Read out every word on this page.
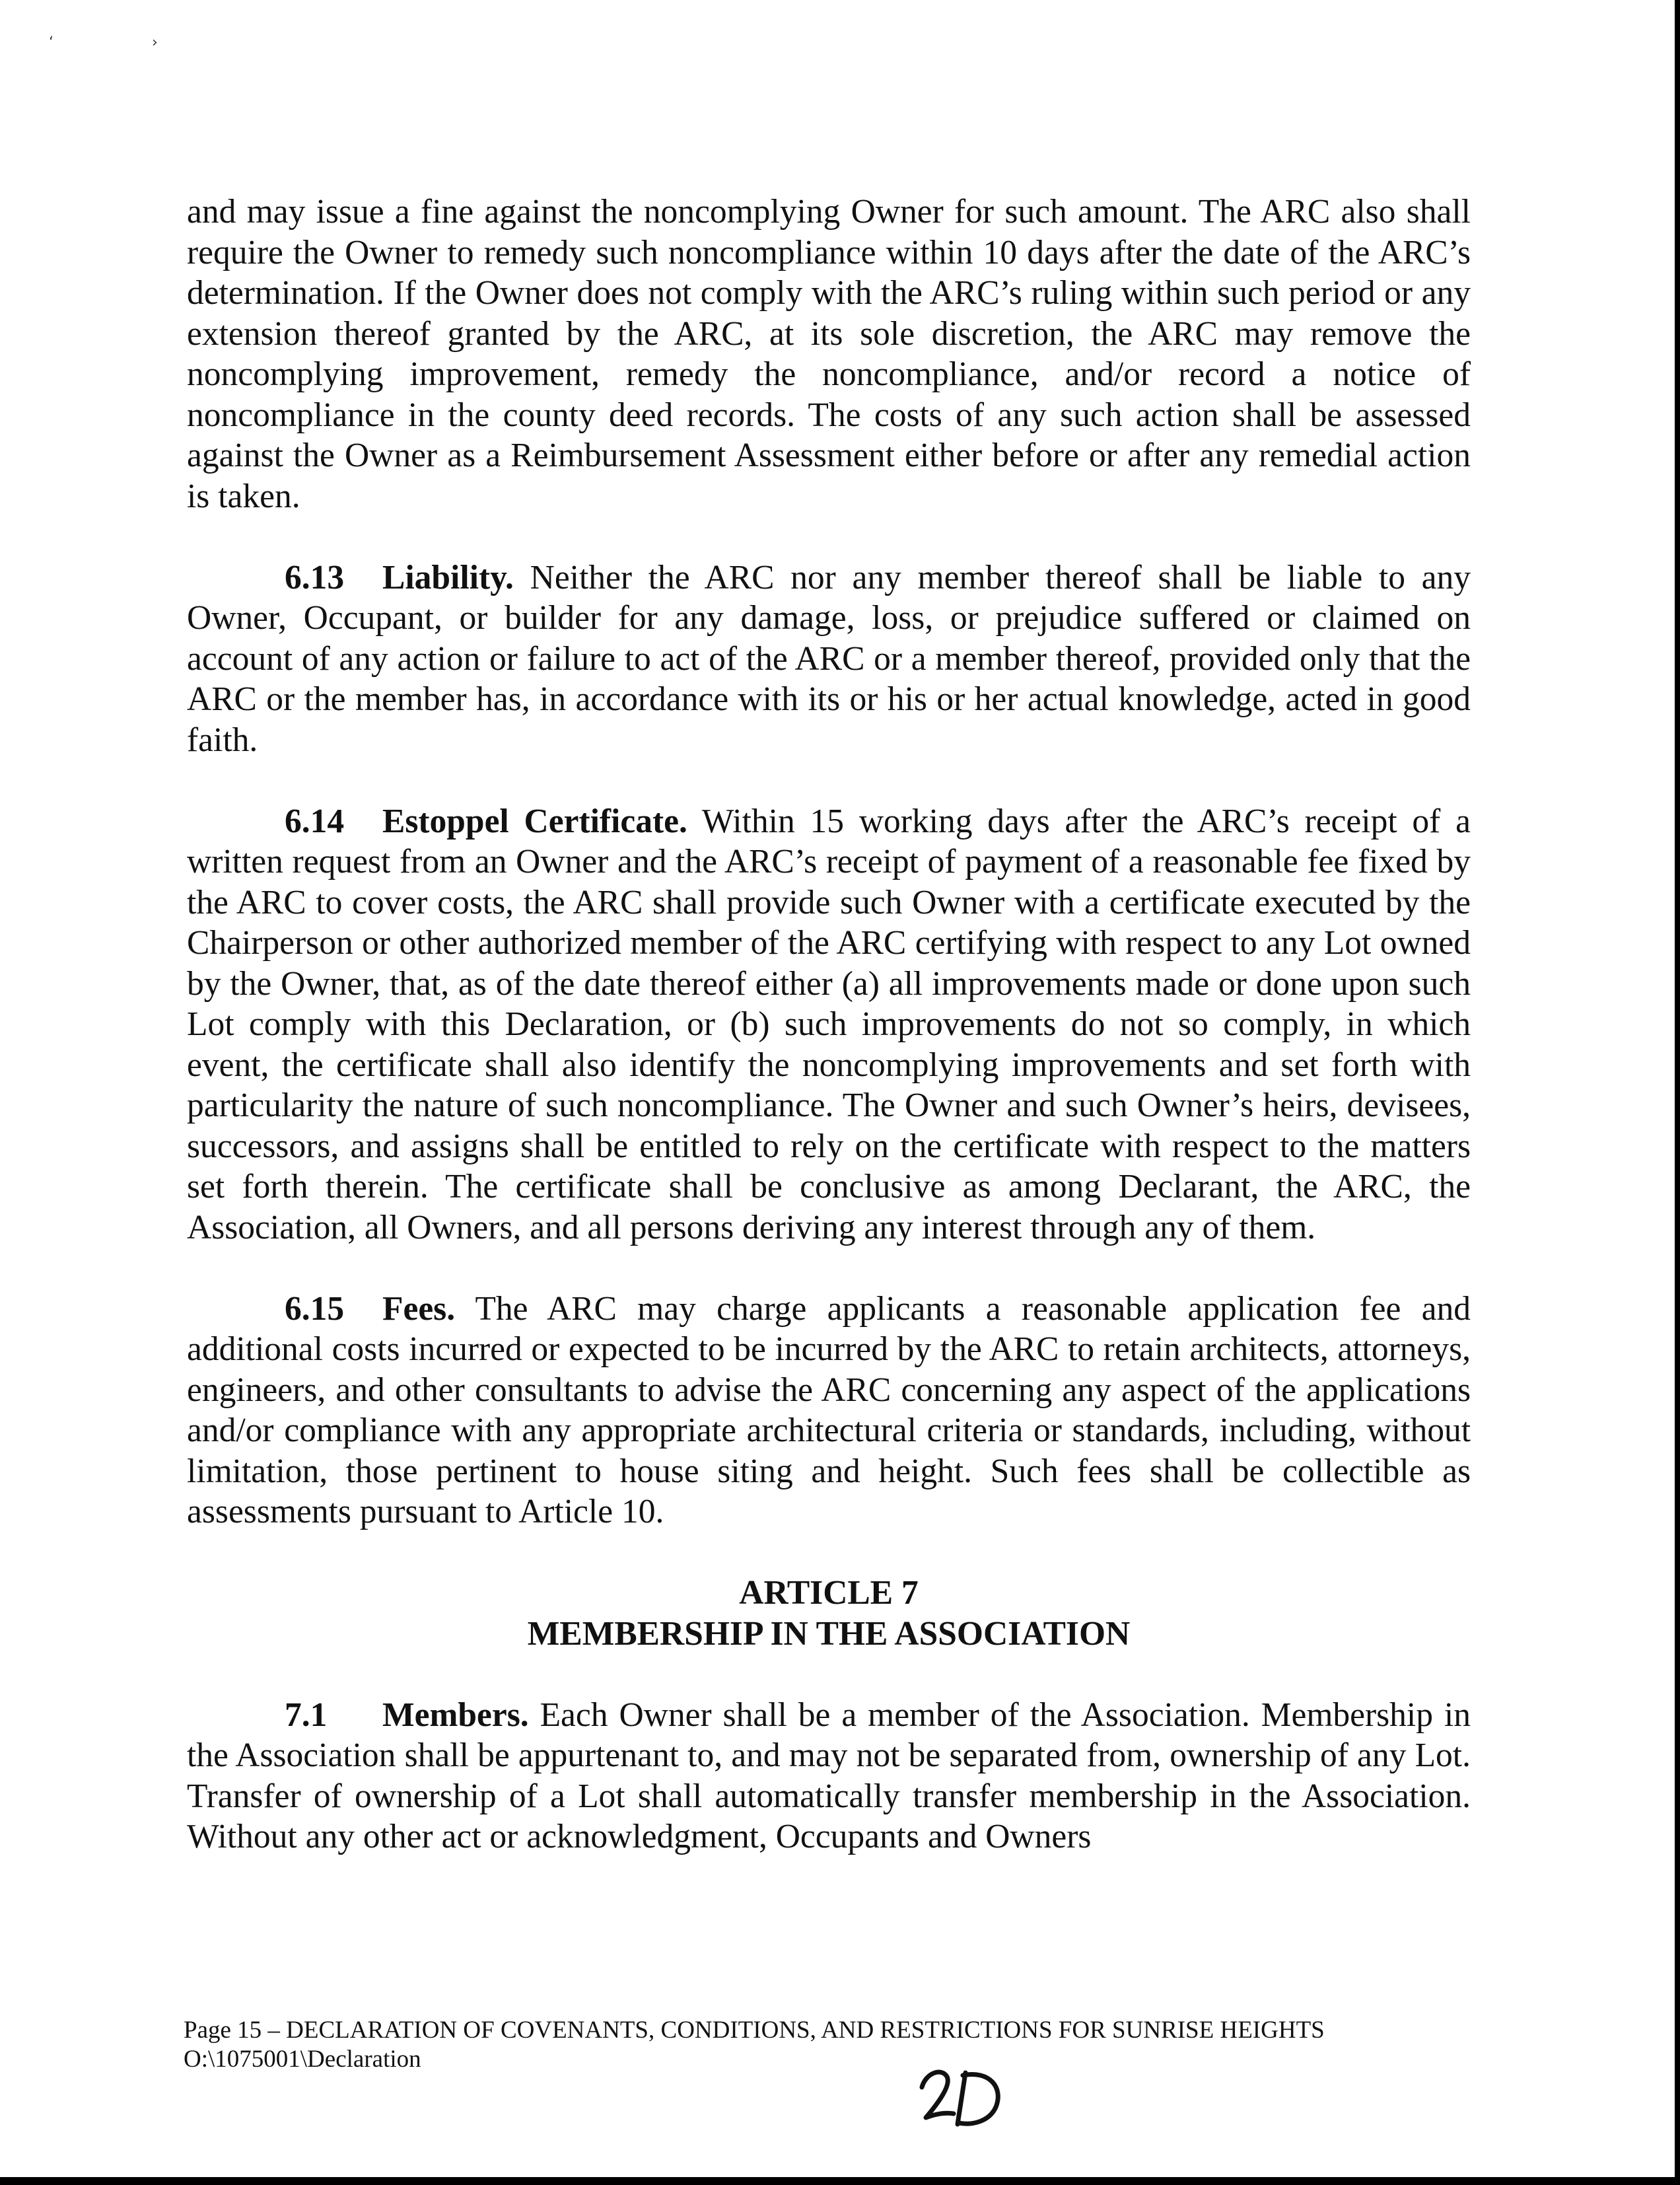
‘	›

and may issue a fine against the noncomplying Owner for such amount. The ARC also shall require the Owner to remedy such noncompliance within 10 days after the date of the ARC’s determination. If the Owner does not comply with the ARC’s ruling within such period or any extension thereof granted by the ARC, at its sole discretion, the ARC may remove the noncomplying improvement, remedy the noncompliance, and/or record a notice of noncompliance in the county deed records. The costs of any such action shall be assessed against the Owner as a Reimbursement Assessment either before or after any remedial action is taken.

6.13 Liability. Neither the ARC nor any member thereof shall be liable to any Owner, Occupant, or builder for any damage, loss, or prejudice suffered or claimed on account of any action or failure to act of the ARC or a member thereof, provided only that the ARC or the member has, in accordance with its or his or her actual knowledge, acted in good faith.

6.14 Estoppel Certificate. Within 15 working days after the ARC’s receipt of a written request from an Owner and the ARC’s receipt of payment of a reasonable fee fixed by the ARC to cover costs, the ARC shall provide such Owner with a certificate executed by the Chairperson or other authorized member of the ARC certifying with respect to any Lot owned by the Owner, that, as of the date thereof either (a) all improvements made or done upon such Lot comply with this Declaration, or (b) such improvements do not so comply, in which event, the certificate shall also identify the noncomplying improvements and set forth with particularity the nature of such noncompliance. The Owner and such Owner’s heirs, devisees, successors, and assigns shall be entitled to rely on the certificate with respect to the matters set forth therein. The certificate shall be conclusive as among Declarant, the ARC, the Association, all Owners, and all persons deriving any interest through any of them.

6.15 Fees. The ARC may charge applicants a reasonable application fee and additional costs incurred or expected to be incurred by the ARC to retain architects, attorneys, engineers, and other consultants to advise the ARC concerning any aspect of the applications and/or compliance with any appropriate architectural criteria or standards, including, without limitation, those pertinent to house siting and height. Such fees shall be collectible as assessments pursuant to Article 10.

ARTICLE 7
MEMBERSHIP IN THE ASSOCIATION

7.1 Members. Each Owner shall be a member of the Association. Membership in the Association shall be appurtenant to, and may not be separated from, ownership of any Lot. Transfer of ownership of a Lot shall automatically transfer membership in the Association. Without any other act or acknowledgment, Occupants and Owners

Page 15 – DECLARATION OF COVENANTS, CONDITIONS, AND RESTRICTIONS FOR SUNRISE HEIGHTS

O:\1075001\Declaration
